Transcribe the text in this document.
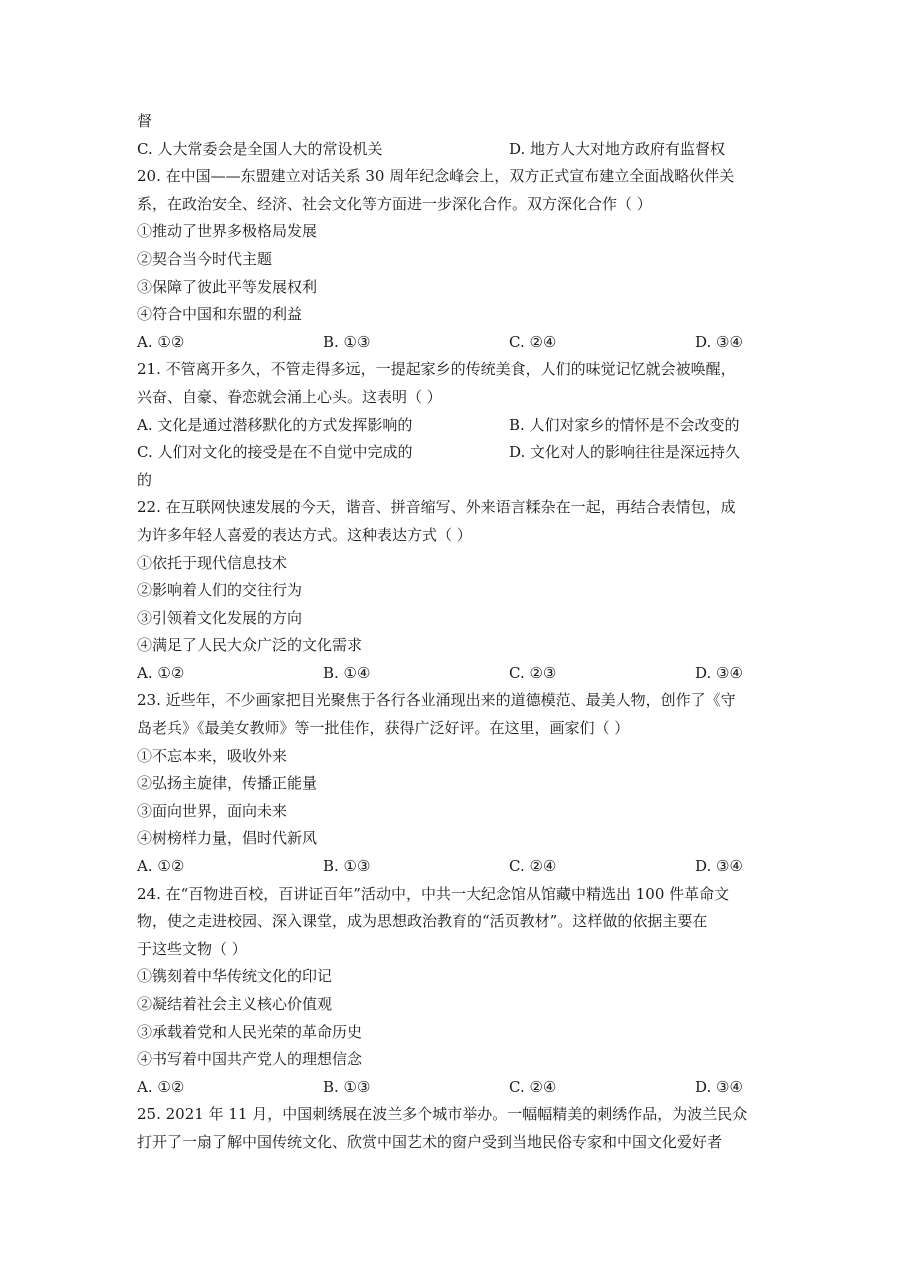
督
C. 人大常委会是全国人大的常设机关	D. 地方人大对地方政府有监督权
20. 在中国——东盟建立对话关系 30 周年纪念峰会上，双方正式宣布建立全面战略伙伴关
系，在政治安全、经济、社会文化等方面进一步深化合作。双方深化合作（ ）
①推动了世界多极格局发展
②契合当今时代主题
③保障了彼此平等发展权利
④符合中国和东盟的利益
A. ①②	B. ①③	C. ②④	D. ③④
21. 不管离开多久，不管走得多远，一提起家乡的传统美食，人们的味觉记忆就会被唤醒，
兴奋、自豪、眷恋就会涌上心头。这表明（ ）
A. 文化是通过潜移默化的方式发挥影响的	B. 人们对家乡的情怀是不会改变的
C. 人们对文化的接受是在不自觉中完成的	D. 文化对人的影响往往是深远持久
的
22. 在互联网快速发展的今天，谐音、拼音缩写、外来语言糅杂在一起，再结合表情包，成
为许多年轻人喜爱的表达方式。这种表达方式（ ）
①依托于现代信息技术
②影响着人们的交往行为
③引领着文化发展的方向
④满足了人民大众广泛的文化需求
A. ①②	B. ①④	C. ②③	D. ③④
23. 近些年，不少画家把目光聚焦于各行各业涌现出来的道德模范、最美人物，创作了《守
岛老兵》《最美女教师》等一批佳作，获得广泛好评。在这里，画家们（ ）
①不忘本来，吸收外来
②弘扬主旋律，传播正能量
③面向世界，面向未来
④树榜样力量，倡时代新风
A. ①②	B. ①③	C. ②④	D. ③④
24. 在“百物进百校，百讲证百年”活动中，中共一大纪念馆从馆藏中精选出 100 件革命文
物，使之走进校园、深入课堂，成为思想政治教育的“活页教材”。这样做的依据主要在
于这些文物（ ）
①镌刻着中华传统文化的印记
②凝结着社会主义核心价值观
③承载着党和人民光荣的革命历史
④书写着中国共产党人的理想信念
A. ①②	B. ①③	C. ②④	D. ③④
25. 2021 年 11 月，中国刺绣展在波兰多个城市举办。一幅幅精美的刺绣作品，为波兰民众
打开了一扇了解中国传统文化、欣赏中国艺术的窗户受到当地民俗专家和中国文化爱好者
